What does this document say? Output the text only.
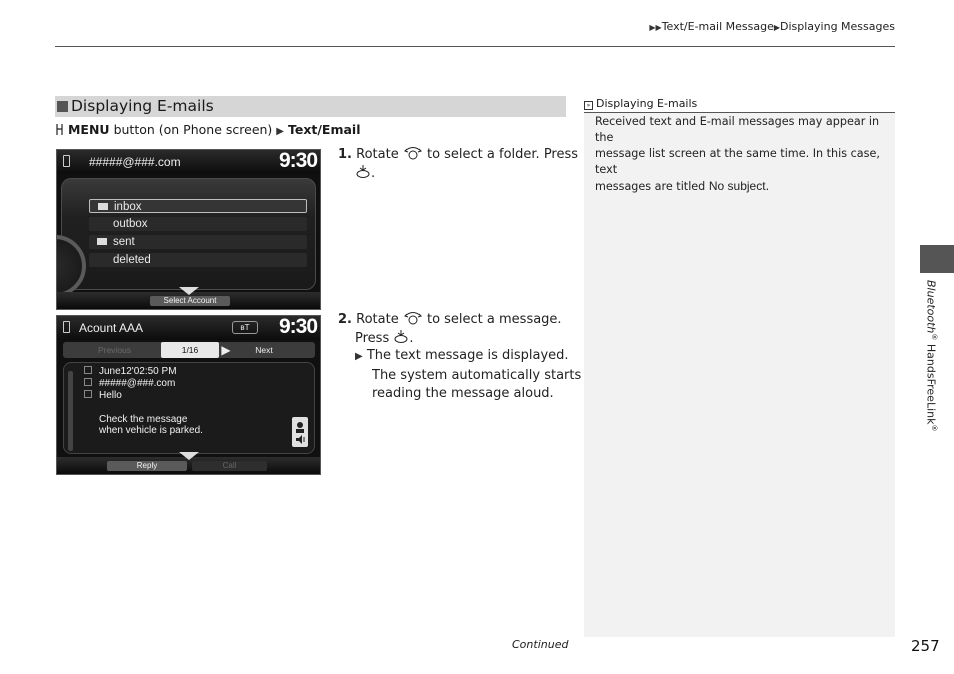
▶▶Text/E-mail Message▶Displaying Messages
Displaying E-mails
MENU button (on Phone screen) ▶ Text/Email
#####@###.com	9:30
inbox
outbox
sent
deleted
Select Account
Acount AAA	ʙT	9:30
Previous	1/16	▶	Next
June12'02:50 PM
#####@###.com
Hello
Check the message
when vehicle is parked.
Reply	Call
1. Rotate to select a folder. Press
.
2. Rotate to select a message.
Press .
▶ The text message is displayed.
The system automatically starts
reading the message aloud.
» Displaying E-mails
Received text and E-mail messages may appear in the
message list screen at the same time. In this case, text
messages are titled No subject.
Bluetooth® HandsFreeLink®
Continued	257
